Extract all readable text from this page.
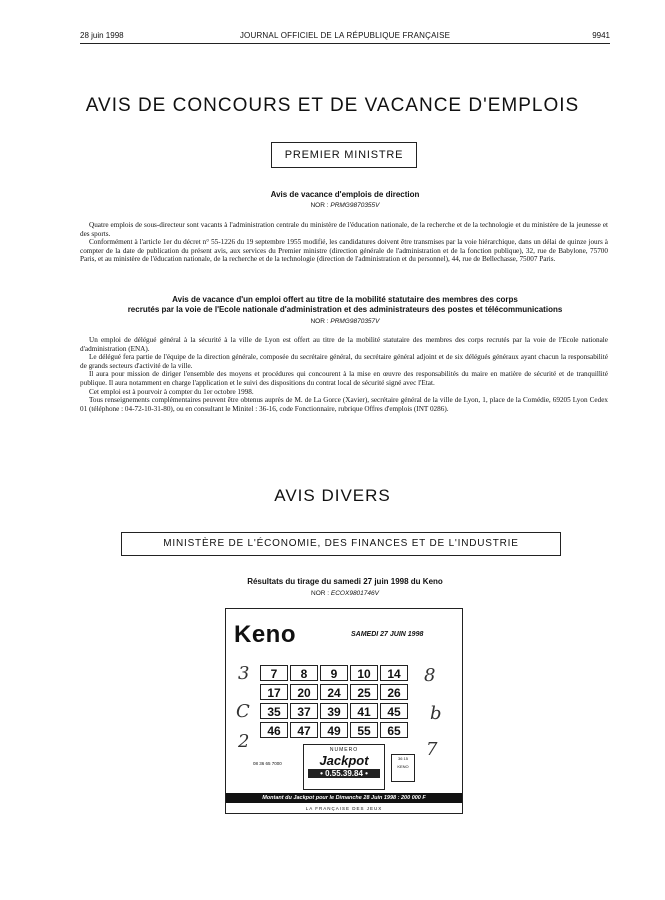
28 juin 1998	JOURNAL OFFICIEL DE LA RÉPUBLIQUE FRANÇAISE	9941
AVIS DE CONCOURS ET DE VACANCE D'EMPLOIS
PREMIER MINISTRE
Avis de vacance d'emplois de direction
NOR : PRMG9870355V

Quatre emplois de sous-directeur sont vacants à l'administration centrale du ministère de l'éducation nationale, de la recherche et de la technologie et du ministère de la jeunesse et des sports.

Conformément à l'article 1er du décret n° 55-1226 du 19 septembre 1955 modifié, les candidatures doivent être transmises par la voie hiérarchique, dans un délai de quinze jours à compter de la date de publication du présent avis, aux services du Premier ministre (direction générale de l'administration et de la fonction publique), 32, rue de Babylone, 75700 Paris, et au ministère de l'éducation nationale, de la recherche et de la technologie (direction de l'administration et du personnel), 44, rue de Bellechasse, 75007 Paris.

Avis de vacance d'un emploi offert au titre de la mobilité statutaire des membres des corps
recrutés par la voie de l'Ecole nationale d'administration et des administrateurs des postes et télécommunications
NOR : PRMG9870357V

Un emploi de délégué général à la sécurité à la ville de Lyon est offert au titre de la mobilité statutaire des membres des corps recrutés par la voie de l'Ecole nationale d'administration (ENA).

Le délégué fera partie de l'équipe de la direction générale, composée du secrétaire général, du secrétaire général adjoint et de six délégués généraux ayant chacun la responsabilité de grands secteurs d'activité de la ville.

Il aura pour mission de diriger l'ensemble des moyens et procédures qui concourent à la mise en œuvre des responsabilités du maire en matière de sécurité et de tranquillité publique. Il aura notamment en charge l'application et le suivi des dispositions du contrat local de sécurité signé avec l'Etat.

Cet emploi est à pourvoir à compter du 1er octobre 1998.

Tous renseignements complémentaires peuvent être obtenus auprès de M. de La Gorce (Xavier), secrétaire général de la ville de Lyon, 1, place de la Comédie, 69205 Lyon Cedex 01 (téléphone : 04-72-10-31-80), ou en consultant le Minitel : 36-16, code Fonctionnaire, rubrique Offres d'emplois (INT 0286).

AVIS DIVERS
MINISTÈRE DE L'ÉCONOMIE, DES FINANCES ET DE L'INDUSTRIE
Résultats du tirage du samedi 27 juin 1998 du Keno
NOR : ECOX9801746V
Keno	SAMEDI 27 JUIN 1998
3
C
2
8
b
7
7	8	9	10	14
17	20	24	25	26
35	37	39	41	45
46	47	49	55	65
08 36 65 7000
NUMERO
Jackpot
• 0.55.39.84 •
36 15 KENO
Montant du Jackpot pour le Dimanche 28 Juin 1998 : 200 000 F
LA FRANÇAISE DES JEUX
